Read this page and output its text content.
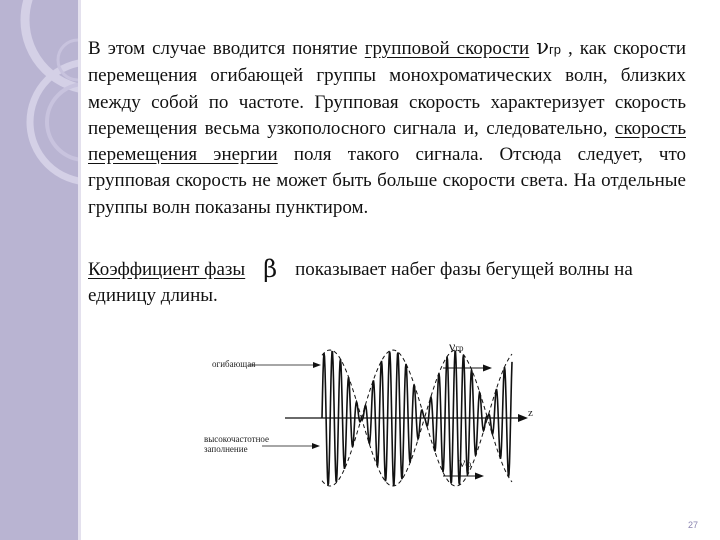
В этом случае вводится понятие групповой скорости νгр , как скорости перемещения огибающей группы монохроматических волн, близких между собой по частоте. Групповая скорость характеризует скорость перемещения весьма узкополосного сигнала и, следовательно, скорость перемещения энергии поля такого сигнала. Отсюда следует, что групповая скорость не может быть больше скорости света. На отдельные группы волн показаны пунктиром.

Коэффициент фазы β показывает набег фазы бегущей волны на единицу длины.

огибающая
высокочастотное
заполнение
νгр
νф
z
27
